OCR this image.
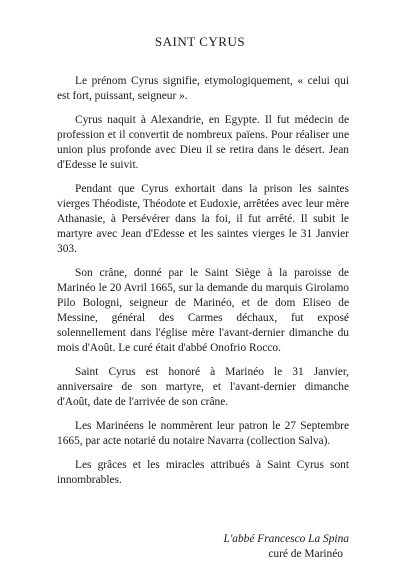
SAINT CYRUS

Le prénom Cyrus signifie, etymologiquement, « celui qui est fort, puissant, seigneur ».

Cyrus naquit à Alexandrie, en Egypte. Il fut médecin de profession et il convertit de nombreux païens. Pour réaliser une union plus profonde avec Dieu il se retira dans le désert. Jean d'Edesse le suivit.

Pendant que Cyrus exhortait dans la prison les saintes vierges Théodiste, Théodote et Eudoxie, arrêtées avec leur mère Athanasie, à Persévérer dans la foi, il fut arrêté. Il subit le martyre avec Jean d'Edesse et les saintes vierges le 31 Janvier 303.

Son crâne, donné par le Saint Siège à la paroisse de Marinéo le 20 Avril 1665, sur la demande du marquis Girolamo Pilo Bologni, seigneur de Marinéo, et de dom Eliseo de Messine, général des Carmes déchaux, fut exposé solennellement dans l'église mère l'avant-dernier dimanche du mois d'Août. Le curé était d'abbé Onofrio Rocco.

Saint Cyrus est honoré à Marinéo le 31 Janvier, anniversaire de son martyre, et l'avant-dernier dimanche d'Août, date de l'arrivée de son crâne.

Les Marinéens le nommèrent leur patron le 27 Septembre 1665, par acte notarié du notaire Navarra (collection Salva).

Les grâces et les miracles attribués à Saint Cyrus sont innombrables.

L'abbé Francesco La Spina
curé de Marinéo
